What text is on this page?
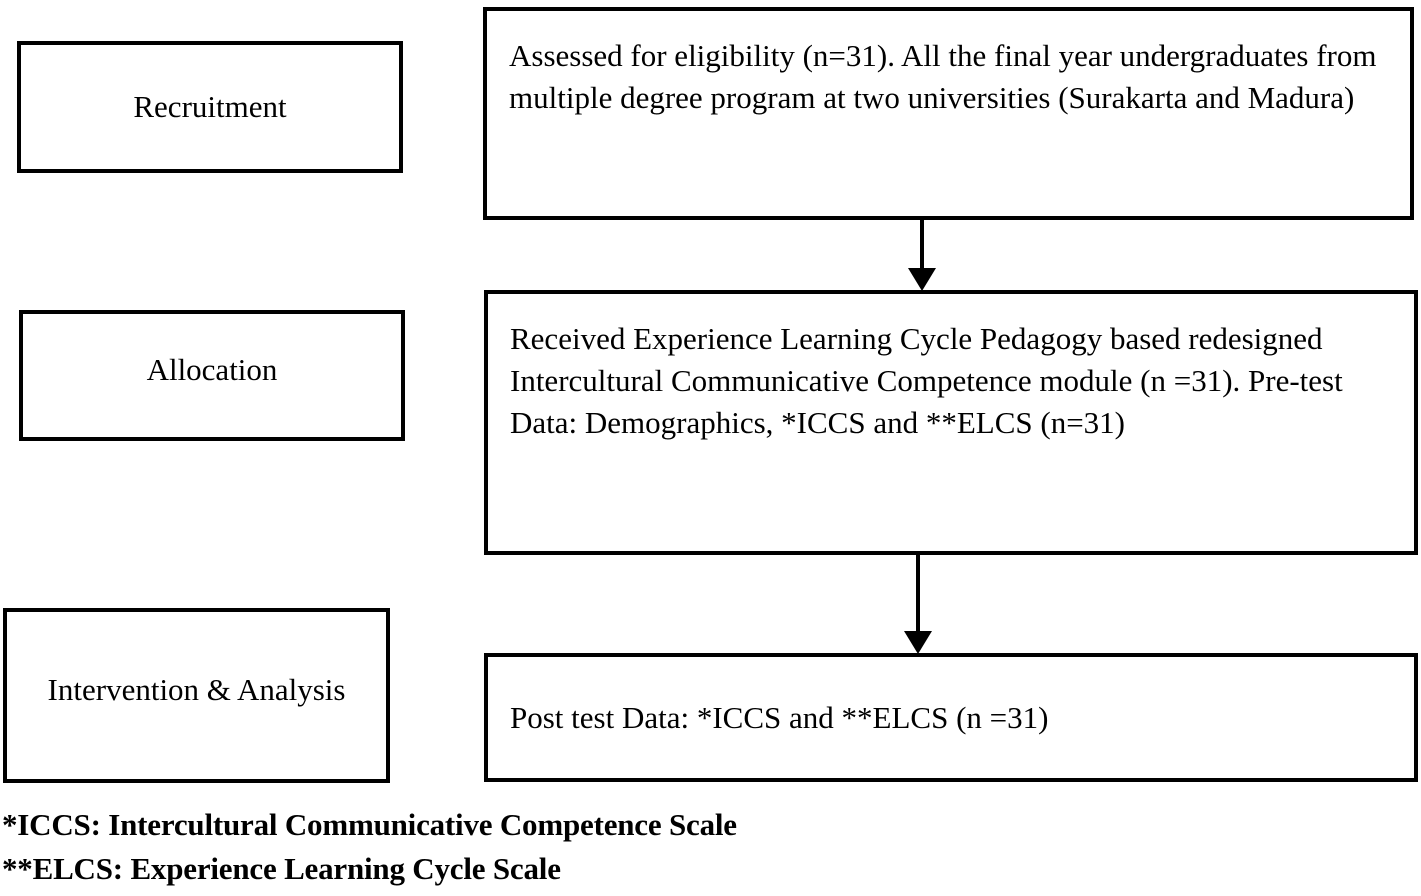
Recruitment
Allocation
Intervention & Analysis
Assessed for eligibility (n=31). All the final year undergraduates from multiple degree program at two universities (Surakarta and Madura)
Received Experience Learning Cycle Pedagogy based redesigned Intercultural Communicative Competence module (n =31). Pre-test Data: Demographics, *ICCS and **ELCS (n=31)
Post test Data: *ICCS and **ELCS (n =31)
*ICCS: Intercultural Communicative Competence Scale
**ELCS: Experience Learning Cycle Scale
